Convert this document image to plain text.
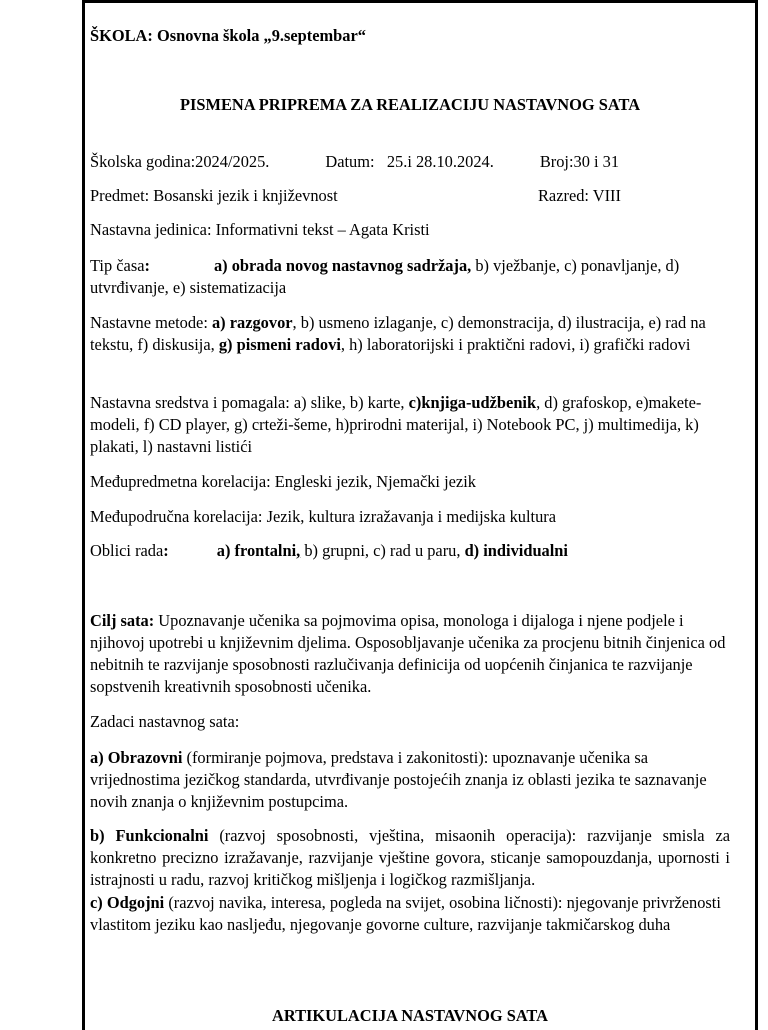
ŠKOLA: Osnovna škola „9.septembar“

PISMENA PRIPREMA ZA REALIZACIJU NASTAVNOG SATA

Školska godina:2024/2025.	Datum:   25.i 28.10.2024.	Broj:30 i 31

Predmet: Bosanski jezik i književnost	Razred: VIII

Nastavna jedinica: Informativni tekst – Agata Kristi

Tip časa:	a) obrada novog nastavnog sadržaja, b) vježbanje, c) ponavljanje, d) utvrđivanje, e) sistematizacija

Nastavne metode: a) razgovor, b) usmeno izlaganje, c) demonstracija, d) ilustracija, e) rad na tekstu, f) diskusija, g) pismeni radovi, h) laboratorijski i praktični radovi, i) grafički radovi

Nastavna sredstva i pomagala: a) slike, b) karte, c)knjiga-udžbenik, d) grafoskop, e)makete-modeli, f) CD player, g) crteži-šeme, h)prirodni materijal, i) Notebook PC, j) multimedija, k) plakati, l) nastavni listići

Međupredmetna korelacija: Engleski jezik, Njemački jezik

Međupodručna korelacija: Jezik, kultura izražavanja i medijska kultura

Oblici rada:	a) frontalni, b) grupni, c) rad u paru, d) individualni

Cilj sata: Upoznavanje učenika sa pojmovima opisa, monologa i dijaloga i njene podjele i njihovoj upotrebi u književnim djelima. Osposobljavanje učenika za procjenu bitnih činjenica od nebitnih te razvijanje sposobnosti razlučivanja definicija od uopćenih činjanica te razvijanje sopstvenih kreativnih sposobnosti učenika.

Zadaci nastavnog sata:

a) Obrazovni (formiranje pojmova, predstava i zakonitosti): upoznavanje učenika sa vrijednostima jezičkog standarda, utvrđivanje postojećih znanja iz oblasti jezika te saznavanje novih znanja o književnim postupcima.

b) Funkcionalni (razvoj sposobnosti, vještina, misaonih operacija): razvijanje smisla za konkretno precizno izražavanje, razvijanje vještine govora, sticanje samopouzdanja, upornosti i istrajnosti u radu, razvoj kritičkog mišljenja i logičkog razmišljanja.

c) Odgojni (razvoj navika, interesa, pogleda na svijet, osobina ličnosti): njegovanje privrženosti vlastitom jeziku kao nasljeđu, njegovanje govorne culture, razvijanje takmičarskog duha

ARTIKULACIJA NASTAVNOG SATA
